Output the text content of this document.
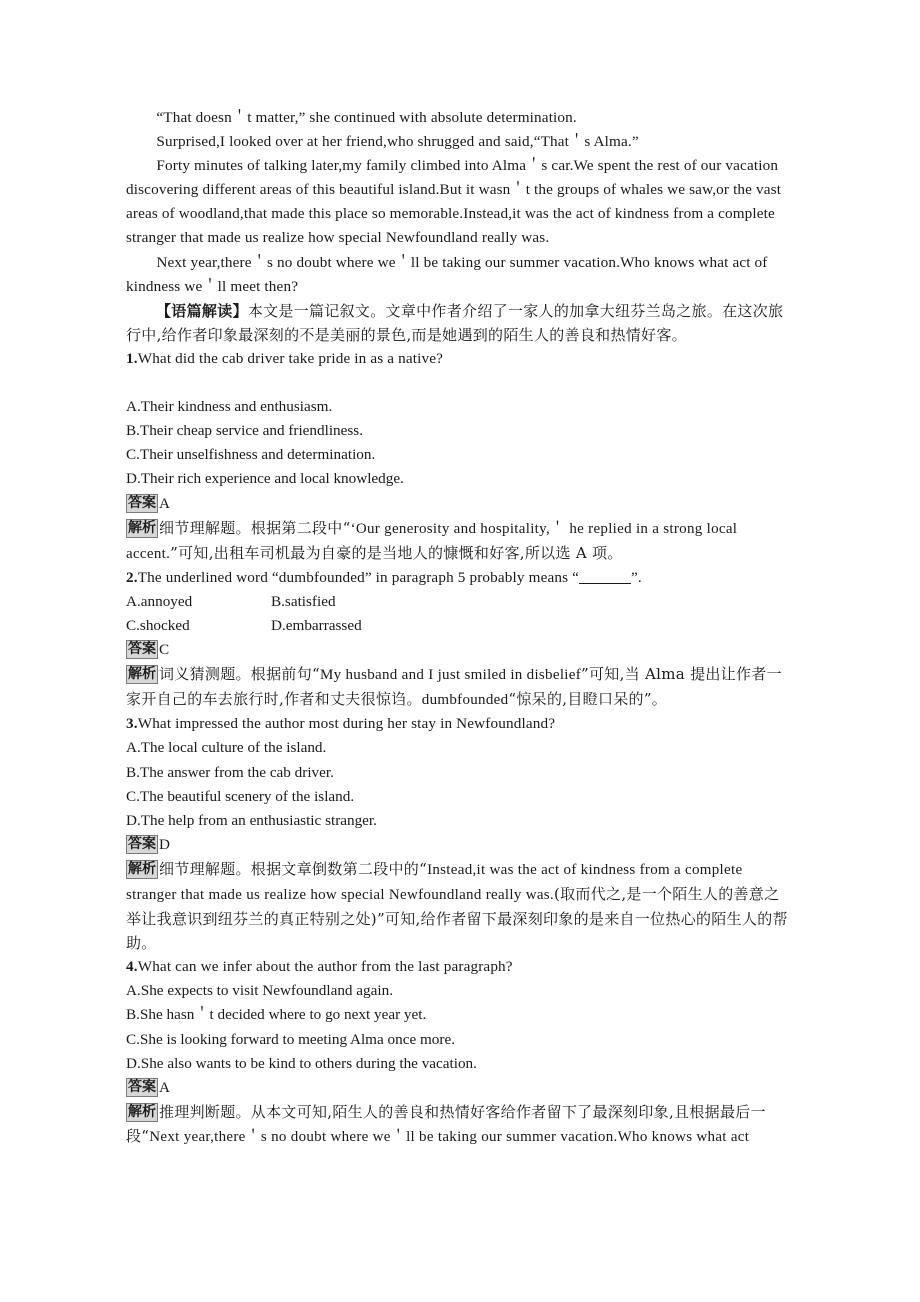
“That doesn＇t matter,” she continued with absolute determination.
Surprised,I looked over at her friend,who shrugged and said,“That＇s Alma.”
Forty minutes of talking later,my family climbed into Alma＇s car.We spent the rest of our vacation discovering different areas of this beautiful island.But it wasn＇t the groups of whales we saw,or the vast areas of woodland,that made this place so memorable.Instead,it was the act of kindness from a complete stranger that made us realize how special Newfoundland really was.
Next year,there＇s no doubt where we＇ll be taking our summer vacation.Who knows what act of kindness we＇ll meet then?
【语篇解读】本文是一篇记叙文。文章中作者介绍了一家人的加拿大纽芬兰岛之旅。在这次旅行中,给作者印象最深刻的不是美丽的景色,而是她遇到的陌生人的善良和热情好客。
1.What did the cab driver take pride in as a native?
A.Their kindness and enthusiasm.
B.Their cheap service and friendliness.
C.Their unselfishness and determination.
D.Their rich experience and local knowledge.
答案 A
解析 细节理解题。根据第二段中“‘Our generosity and hospitality,＇ he replied in a strong local accent.”可知,出租车司机最为自豪的是当地人的慷慨和好客,所以选 A 项。
2.The underlined word “dumbfounded” in paragraph 5 probably means “	”.
A.annoyed	B.satisfied
C.shocked	D.embarrassed
答案 C
解析 词义猜测题。根据前句“My husband and I just smiled in disbelief”可知,当 Alma 提出让作者一家开自己的车去旅行时,作者和丈夫很惊诌。dumbfounded“惊呆的,目瞪口呆的”。
3.What impressed the author most during her stay in Newfoundland?
A.The local culture of the island.
B.The answer from the cab driver.
C.The beautiful scenery of the island.
D.The help from an enthusiastic stranger.
答案 D
解析 细节理解题。根据文章倒数第二段中的“Instead,it was the act of kindness from a complete stranger that made us realize how special Newfoundland really was.(取而代之,是一个陌生人的善意之举让我意识到纽芬兰的真正特别之处)”可知,给作者留下最深刻印象的是来自一位热心的陌生人的帮助。
4.What can we infer about the author from the last paragraph?
A.She expects to visit Newfoundland again.
B.She hasn＇t decided where to go next year yet.
C.She is looking forward to meeting Alma once more.
D.She also wants to be kind to others during the vacation.
答案 A
解析 推理判断题。从本文可知,陌生人的善良和热情好客给作者留下了最深刻印象,且根据最后一段“Next year,there＇s no doubt where we＇ll be taking our summer vacation.Who knows what act
